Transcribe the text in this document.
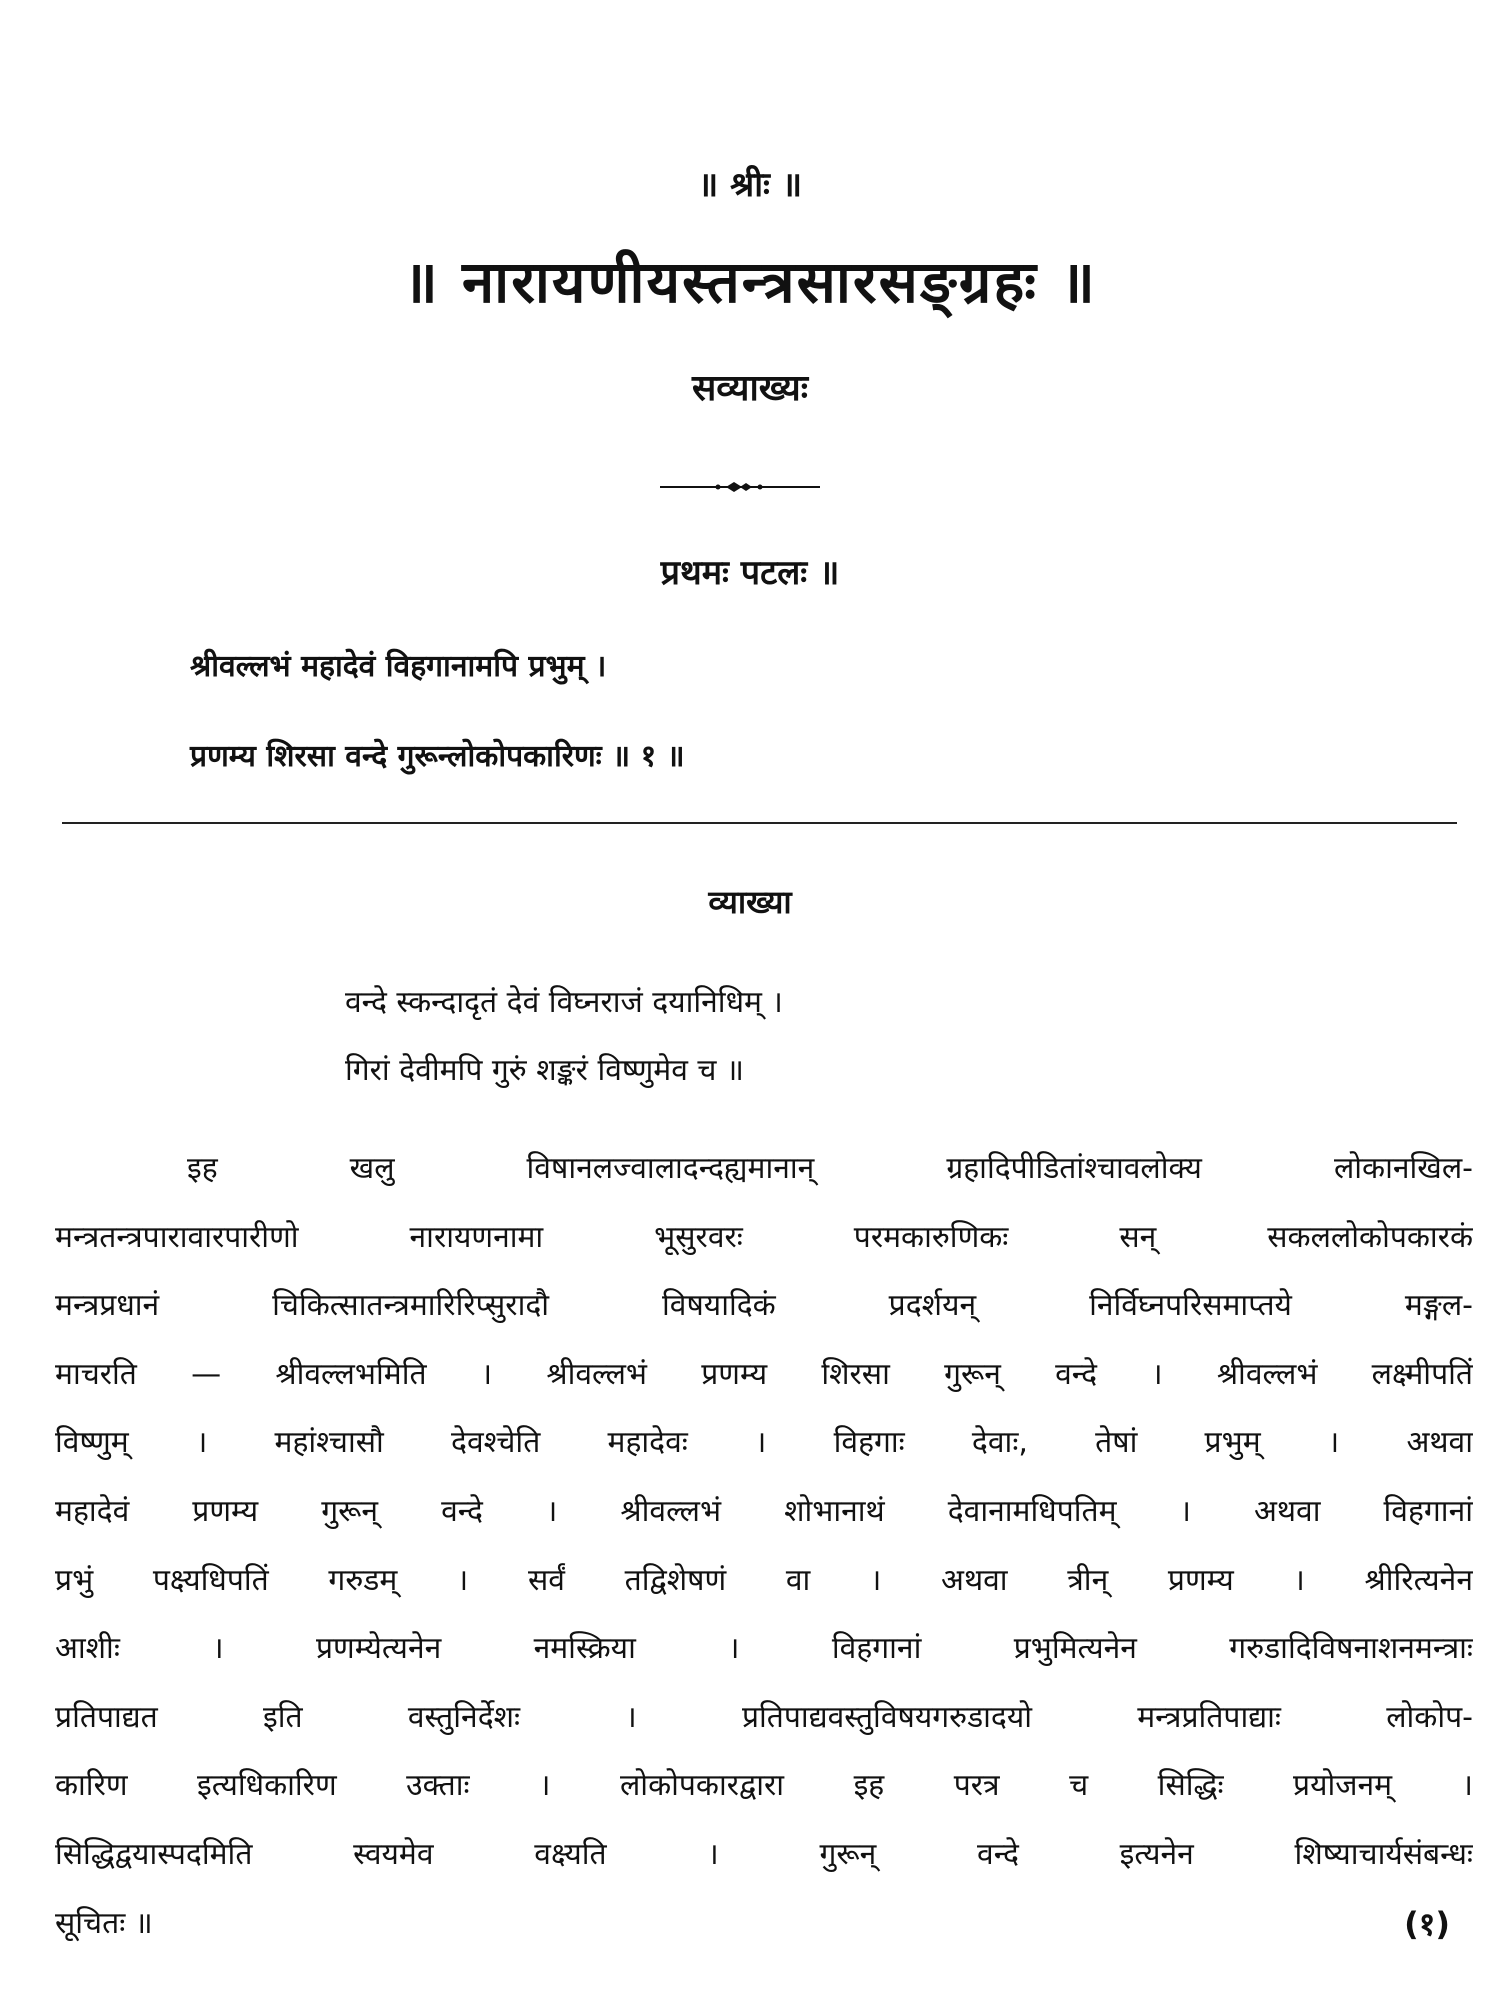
॥ श्रीः ॥
॥ नारायणीयस्तन्त्रसारसङ्ग्रहः ॥
सव्याख्यः
प्रथमः पटलः ॥
श्रीवल्लभं महादेवं विहगानामपि प्रभुम् ।
प्रणम्य शिरसा वन्दे गुरून्लोकोपकारिणः ॥ १ ॥
व्याख्या
वन्दे स्कन्दादृतं देवं विघ्नराजं दयानिधिम् ।
गिरां देवीमपि गुरुं शङ्करं विष्णुमेव च ॥
इह खलु विषानलज्वालादन्दह्यमानान् ग्रहादिपीडितांश्चावलोक्य लोकानखिल-
मन्त्रतन्त्रपारावारपारीणो नारायणनामा भूसुरवरः परमकारुणिकः सन् सकललोकोपकारकं
मन्त्रप्रधानं चिकित्सातन्त्रमारिरिप्सुरादौ विषयादिकं प्रदर्शयन् निर्विघ्नपरिसमाप्तये मङ्गल-
माचरति — श्रीवल्लभमिति । श्रीवल्लभं प्रणम्य शिरसा गुरून् वन्दे । श्रीवल्लभं लक्ष्मीपतिं
विष्णुम् । महांश्चासौ देवश्चेति महादेवः । विहगाः देवाः, तेषां प्रभुम् । अथवा
महादेवं प्रणम्य गुरून् वन्दे । श्रीवल्लभं शोभानाथं देवानामधिपतिम् । अथवा विहगानां
प्रभुं पक्ष्यधिपतिं गरुडम् । सर्वं तद्विशेषणं वा । अथवा त्रीन् प्रणम्य । श्रीरित्यनेन
आशीः । प्रणम्येत्यनेन नमस्क्रिया । विहगानां प्रभुमित्यनेन गरुडादिविषनाशनमन्त्राः
प्रतिपाद्यत इति वस्तुनिर्देशः । प्रतिपाद्यवस्तुविषयगरुडादयो मन्त्रप्रतिपाद्याः लोकोप-
कारिण इत्यधिकारिण उक्ताः । लोकोपकारद्वारा इह परत्र च सिद्धिः प्रयोजनम् ।
सिद्धिद्वयास्पदमिति स्वयमेव वक्ष्यति । गुरून् वन्दे इत्यनेन शिष्याचार्यसंबन्धः
सूचितः ॥	(१)
